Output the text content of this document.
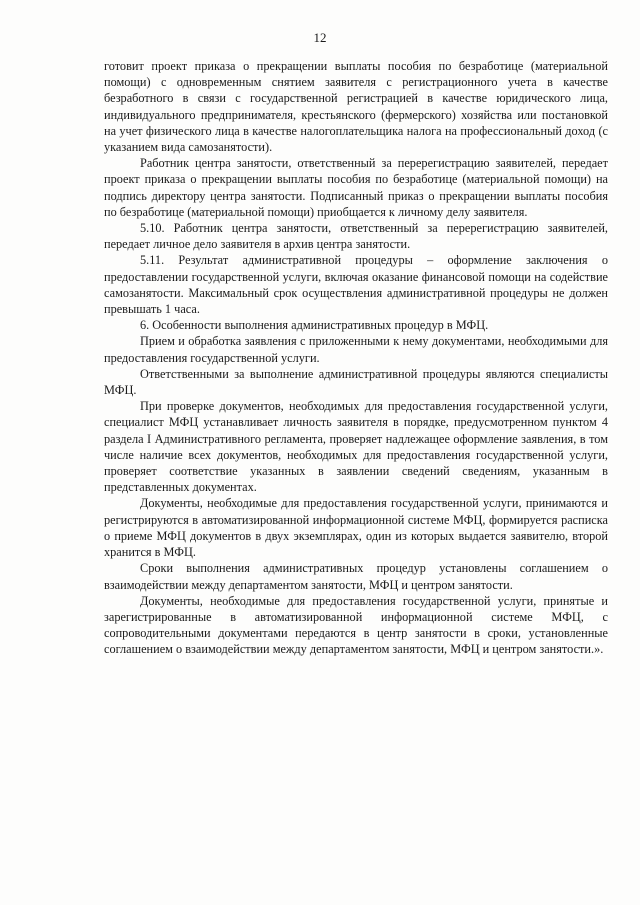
12

готовит проект приказа о прекращении выплаты пособия по безработице (материальной помощи) с одновременным снятием заявителя с регистрационного учета в качестве безработного в связи с государственной регистрацией в качестве юридического лица, индивидуального предпринимателя, крестьянского (фермерского) хозяйства или постановкой на учет физического лица в качестве налогоплательщика налога на профессиональный доход (с указанием вида самозанятости).

Работник центра занятости, ответственный за перерегистрацию заявителей, передает проект приказа о прекращении выплаты пособия по безработице (материальной помощи) на подпись директору центра занятости. Подписанный приказ о прекращении выплаты пособия по безработице (материальной помощи) приобщается к личному делу заявителя.

5.10. Работник центра занятости, ответственный за перерегистрацию заявителей, передает личное дело заявителя в архив центра занятости.

5.11. Результат административной процедуры – оформление заключения о предоставлении государственной услуги, включая оказание финансовой помощи на содействие самозанятости. Максимальный срок осуществления административной процедуры не должен превышать 1 часа.

6. Особенности выполнения административных процедур в МФЦ.

Прием и обработка заявления с приложенными к нему документами, необходимыми для предоставления государственной услуги.

Ответственными за выполнение административной процедуры являются специалисты МФЦ.

При проверке документов, необходимых для предоставления государственной услуги, специалист МФЦ устанавливает личность заявителя в порядке, предусмотренном пунктом 4 раздела I Административного регламента, проверяет надлежащее оформление заявления, в том числе наличие всех документов, необходимых для предоставления государственной услуги, проверяет соответствие указанных в заявлении сведений сведениям, указанным в представленных документах.

Документы, необходимые для предоставления государственной услуги, принимаются и регистрируются в автоматизированной информационной системе МФЦ, формируется расписка о приеме МФЦ документов в двух экземплярах, один из которых выдается заявителю, второй хранится в МФЦ.

Сроки выполнения административных процедур установлены соглашением о взаимодействии между департаментом занятости, МФЦ и центром занятости.

Документы, необходимые для предоставления государственной услуги, принятые и зарегистрированные в автоматизированной информационной системе МФЦ, с сопроводительными документами передаются в центр занятости в сроки, установленные соглашением о взаимодействии между департаментом занятости, МФЦ и центром занятости.».
